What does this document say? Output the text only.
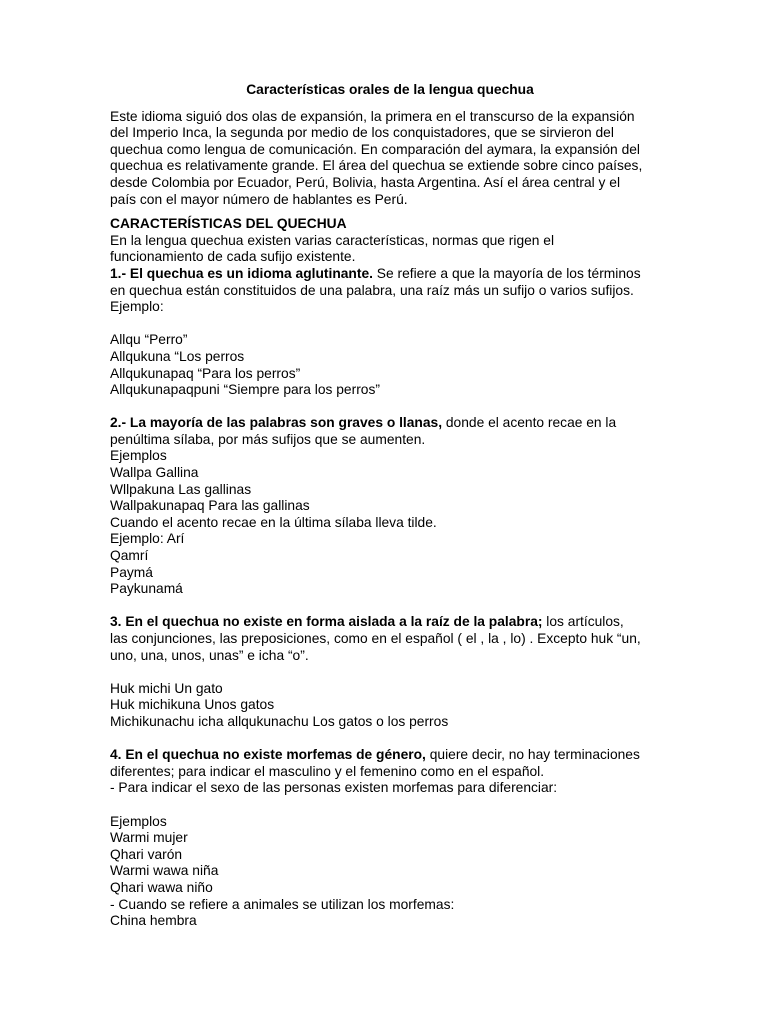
Características orales de la lengua quechua

Este idioma siguió dos olas de expansión, la primera en el transcurso de la expansión

del Imperio Inca, la segunda por medio de los conquistadores, que se sirvieron del

quechua como lengua de comunicación. En comparación del aymara, la expansión del

quechua es relativamente grande. El área del quechua se extiende sobre cinco países,

desde Colombia por Ecuador, Perú, Bolivia, hasta Argentina. Así el área central y el

país con el mayor número de hablantes es Perú.

CARACTERÍSTICAS DEL QUECHUA

En la lengua quechua existen varias características, normas que rigen el

funcionamiento de cada sufijo existente.

1.- El quechua es un idioma aglutinante. Se refiere a que la mayoría de los términos

en quechua están constituidos de una palabra, una raíz más un sufijo o varios sufijos.

Ejemplo:

Allqu “Perro”

Allqukuna “Los perros

Allqukunapaq “Para los perros”

Allqukunapaqpuni “Siempre para los perros”

2.- La mayoría de las palabras son graves o llanas, donde el acento recae en la

penúltima sílaba, por más sufijos que se aumenten.

Ejemplos

Wallpa Gallina

Wllpakuna Las gallinas

Wallpakunapaq Para las gallinas

Cuando el acento recae en la última sílaba lleva tilde.

Ejemplo: Arí

Qamrí

Paymá

Paykunamá

3. En el quechua no existe en forma aislada a la raíz de la palabra; los artículos,

las conjunciones, las preposiciones, como en el español ( el , la , lo) . Excepto huk “un,

uno, una, unos, unas” e icha “o”.

Huk michi Un gato

Huk michikuna Unos gatos

Michikunachu icha allqukunachu Los gatos o los perros

4. En el quechua no existe morfemas de género, quiere decir, no hay terminaciones

diferentes; para indicar el masculino y el femenino como en el español.

- Para indicar el sexo de las personas existen morfemas para diferenciar:

Ejemplos

Warmi mujer

Qhari varón

Warmi wawa niña

Qhari wawa niño

- Cuando se refiere a animales se utilizan los morfemas:

China hembra
